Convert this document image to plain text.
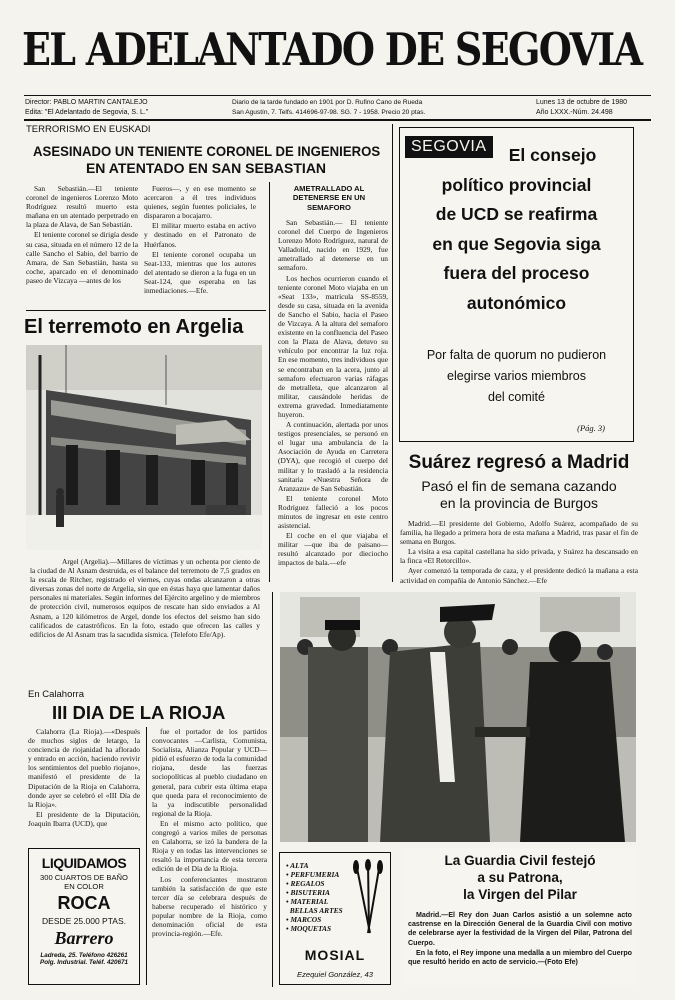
EL ADELANTADO DE SEGOVIA
Director: PABLO MARTIN CANTALEJO
Edita: "El Adelantado de Segovia, S. L."
Diario de la tarde fundado en 1901 por D. Rufino Cano de Rueda
San Agustín, 7. Telfs. 414696-97-98. SG. 7 - 1958. Precio 20 ptas.
Lunes 13 de octubre de 1980
Año LXXX.-Núm. 24.498
TERRORISMO EN EUSKADI
ASESINADO UN TENIENTE CORONEL DE INGENIEROS
EN ATENTADO EN SAN SEBASTIAN

San Sebastián.—El teniente coronel de ingenieros Lorenzo Moto Rodríguez resultó muerto esta mañana en un atentado perpetrado en la plaza de Alava, de San Sebastián.

El teniente coronel se dirigía desde su casa, situada en el número 12 de la calle Sancho el Sabio, del barrio de Amara, de San Sebastián, hasta su coche, aparcado en el denominado paseo de Vizcaya —antes de los

Fueros—, y en ese momento se acercaron a él tres individuos quienes, según fuentes policiales, le dispararon a bocajarro.

El militar muerto estaba en activo y destinado en el Patronato de Huérfanos.

El teniente coronel ocupaba un Seat-133, mientras que los autores del atentado se dieron a la fuga en un Seat-124, que esperaba en las inmediaciones.—Efe.

AMETRALLADO AL DETENERSE EN UN SEMAFORO

San Sebastián.— El teniente coronel del Cuerpo de Ingenieros Lorenzo Moto Rodríguez, natural de Valladolid, nacido en 1929, fue ametrallado al detenerse en un semaforo.

Los hechos ocurrieron cuando el teniente coronel Moto viajaba en un «Seat 133», matrícula SS-8559, desde su casa, situada en la avenida de Sancho el Sabio, hacia el Paseo de Vizcaya. A la altura del semaforo existente en la confluencia del Paseo con la Plaza de Alava, detuvo su vehículo por encontrar la luz roja. En ese momento, tres individuos que se encontraban en la acera, junto al semaforo efectuaron varias ráfagas de metralleta, que alcanzaron al militar, causándole heridas de extrema gravedad. Inmediatamente huyeron.

A continuación, alertada por unos testigos presenciales, se personó en el lugar una ambulancia de la Asociación de Ayuda en Carretera (DYA), que recogió el cuerpo del militar y lo trasladó a la residencia sanitaria «Nuestra Señora de Aranzazu» de San Sebastián.

El teniente coronel Moto Rodríguez falleció a los pocos minutos de ingresar en este centro asistencial.

El coche en el que viajaba el militar —que iba de paisano— resultó alcanzado por dieciocho impactos de bala.—efe

El terremoto en Argelia
Argel (Argelia).—Millares de víctimas y un ochenta por ciento de la ciudad de Al Asnam destruida, es el balance del terremoto de 7,5 grados en la escala de Ritcher, registrado el viernes, cuyas ondas alcanzaron a otras diversas zonas del norte de Argelia, sin que en éstas haya que lamentar daños personales ni materiales. Según informes del Ejército argelino y de miembros de protección civil, numerosos equipos de rescate han sido enviados a Al Asnam, a 120 kilómetros de Argel, donde los efectos del seismo han sido calificados de catastróficos. En la foto, estado que ofrecen las calles y edificios de Al Asnam tras la sacudida sísmica. (Telefoto Efe/Ap).
SEGOVIA	El consejo
político provincial
de UCD se reafirma
en que Segovia siga
fuera del proceso
autonómico
Por falta de quorum no pudieron
elegirse varios miembros
del comité
(Pág. 3)
Suárez regresó a Madrid
Pasó el fin de semana cazando
en la provincia de Burgos

Madrid.—El presidente del Gobierno, Adolfo Suárez, acompañado de su familia, ha llegado a primera hora de esta mañana a Madrid, tras pasar el fin de semana en Burgos.

La visita a esa capital castellana ha sido privada, y Suárez ha descansado en la finca «El Retorcillo».

Ayer comenzó la temporada de caza, y el presidente dedicó la mañana a esta actividad en compañía de Antonio Sánchez.—Efe

En Calahorra
III DIA DE LA RIOJA

Calahorra (La Rioja).—«Después de muchos siglos de letargo, la conciencia de riojanidad ha aflorado y entrado en acción, haciendo revivir los sentimientos del pueblo riojano», manifestó el presidente de la Diputación de la Rioja en Calahorra, donde ayer se celebró el «III Día de la Rioja».

El presidente de la Diputación, Joaquín Ibarra (UCD), que

fue el portador de los partidos convocantes —Carlista, Comunista, Socialista, Alianza Popular y UCD— pidió el esfuerzo de toda la comunidad riojana, desde las fuerzas sociopolíticas al pueblo ciudadano en general, para cubrir esta última etapa que queda para el reconocimiento de la ya indiscutible personalidad regional de la Rioja.

En el mismo acto político, que congregó a varios miles de personas en Calahorra, se izó la bandera de la Rioja y en todas las intervenciones se resaltó la importancia de esta tercera edición de el Día de la Rioja.

Los conferenciantes mostraron también la satisfacción de que este tercer día se celebrara después de haberse recuperado el histórico y popular nombre de la Rioja, como denominación oficial de esta provincia-región.—Efe.

LIQUIDAMOS
300 CUARTOS DE BAÑO
EN COLOR
ROCA
DESDE 25.000 PTAS.
Barrero
Ladreda, 25. Teléfono 426261
Polg. Industrial. Teléf. 420671
• ALTA
• PERFUMERIA
• REGALOS
• BISUTERIA
• MATERIAL
BELLAS ARTES
• MARCOS
• MOQUETAS
MOSIAL
Ezequiel González, 43
La Guardia Civil festejó
a su Patrona,
la Virgen del Pilar

Madrid.—El Rey don Juan Carlos asistió a un solemne acto castrense en la Dirección General de la Guardia Civil con motivo de celebrarse ayer la festividad de la Virgen del Pilar, Patrona del Cuerpo.

En la foto, el Rey impone una medalla a un miembro del Cuerpo que resultó herido en acto de servicio.—(Foto Efe)
